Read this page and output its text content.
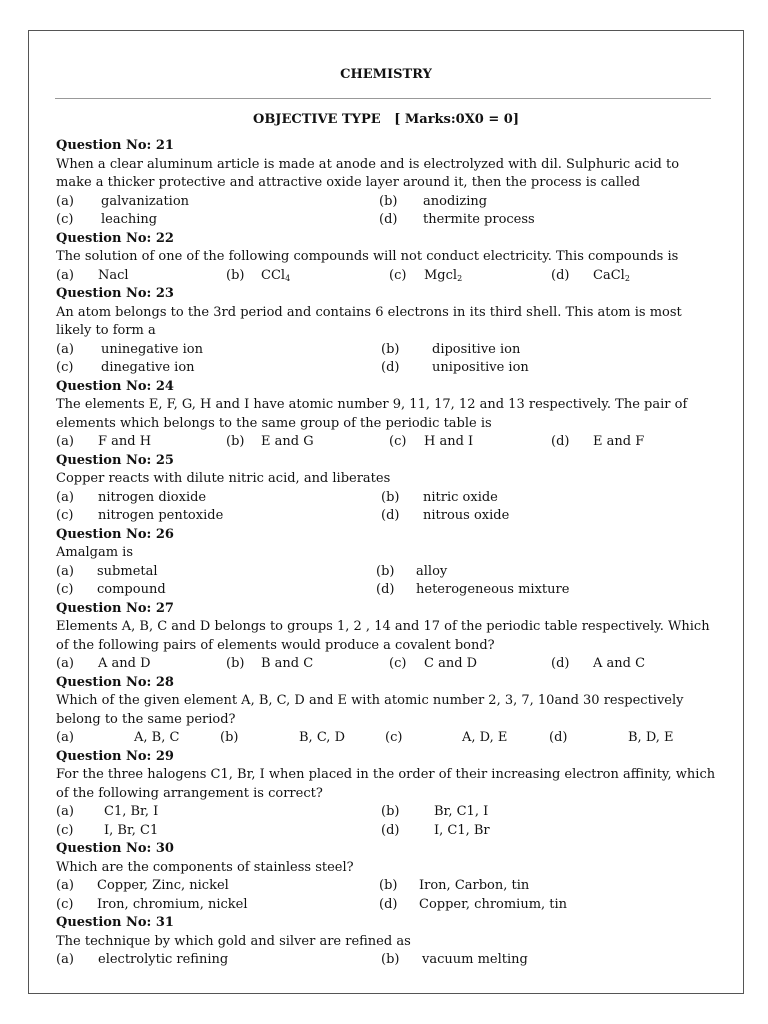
CHEMISTRY
OBJECTIVE TYPE   [ Marks:0X0 = 0]
Question No: 21
When a clear aluminum article is made at anode and is electrolyzed with dil. Sulphuric acid to make a thicker protective and attractive oxide layer around it, then the process is called
(a) galvanization	(b) anodizing
(c) leaching	(d) thermite process
Question No: 22
The solution of one of the following compounds will not conduct electricity. This compounds is
(a) Nacl	(b) CCl$_4$	(c) Mgcl$_2$	(d) CaCl$_2$
Question No: 23
An atom belongs to the 3rd period and contains 6 electrons in its third shell. This atom is most likely to form a
(a) uninegative ion	(b)	dipositive ion
(c) dinegative ion	(d)	unipositive ion
Question No: 24
The elements E, F, G, H and I have atomic number 9, 11, 17, 12 and 13 respectively. The pair of elements which belongs to the same group of the periodic table is
(a) F and H	(b) E and G	(c) H and I	(d) E and F
Question No: 25
Copper reacts with dilute nitric acid, and liberates
(a) nitrogen dioxide	(b) nitric oxide
(c) nitrogen pentoxide	(d) nitrous oxide
Question No: 26
Amalgam is
(a) submetal	(b) alloy
(c) compound	(d) heterogeneous mixture
Question No: 27
Elements A, B, C and D belongs to groups 1, 2 , 14 and 17 of the periodic table respectively. Which of the following pairs of elements would produce a covalent bond?
(a) A and D	(b) B and C	(c) C and D	(d) A and C
Question No: 28
Which of the given element A, B, C, D and E with atomic number 2, 3, 7, 10and 30 respectively belong to the same period?
(a)	A, B, C	(b)	B, C, D	(c)	A, D, E	(d)	B, D, E
Question No: 29
For the three halogens C1, Br, I when placed in the order of their increasing electron affinity, which of the following arrangement is correct?
(a) C1, Br, I	(b)	Br, C1, I
(c) I, Br, C1	(d)	I, C1, Br
Question No: 30
Which are the components of stainless steel?
(a) Copper, Zinc, nickel	(b) Iron, Carbon, tin
(c) Iron, chromium, nickel	(d) Copper, chromium, tin
Question No: 31
The technique by which gold and silver are refined as
(a) electrolytic refining	(b) vacuum melting
